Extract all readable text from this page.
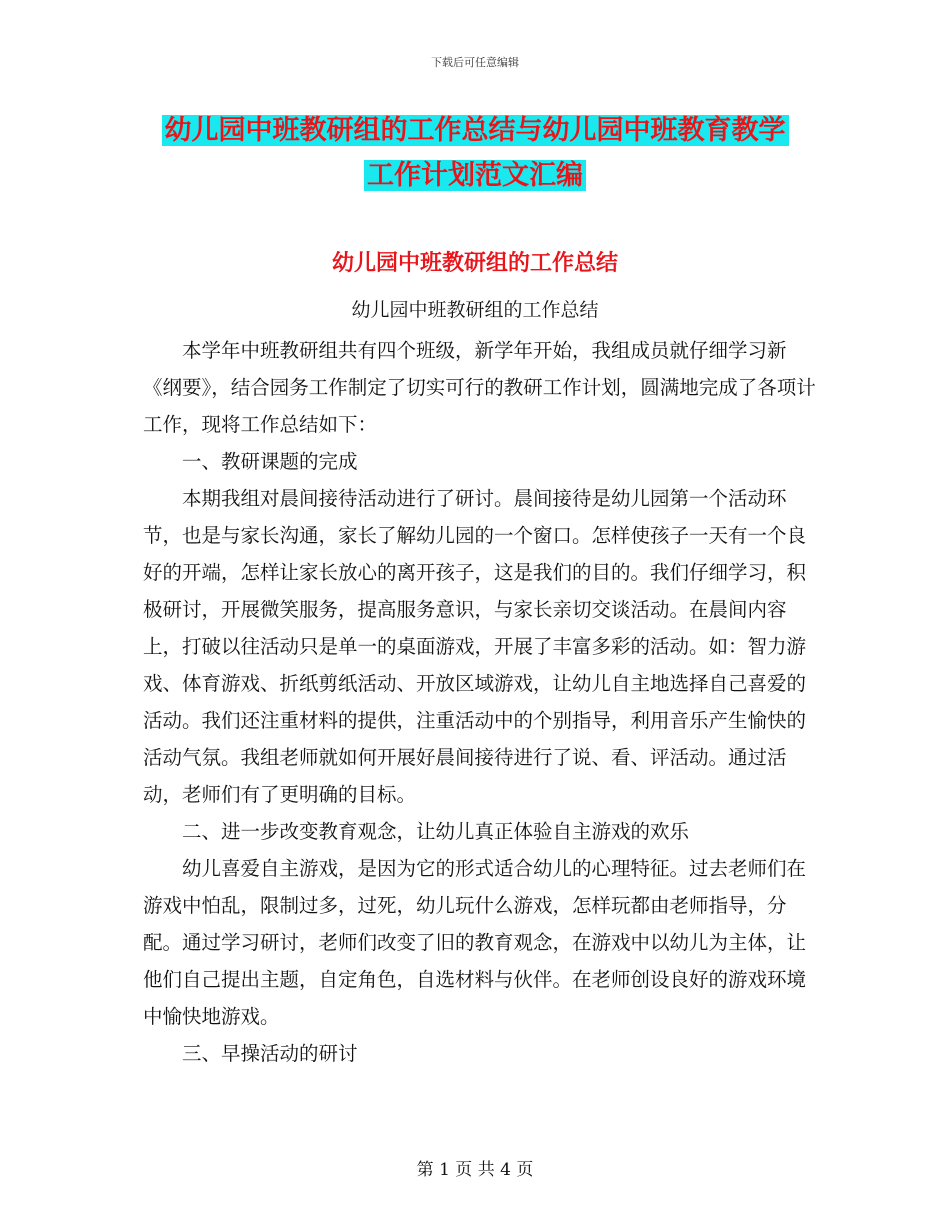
下载后可任意编辑
幼儿园中班教研组的工作总结与幼儿园中班教育教学
工作计划范文汇编
幼儿园中班教研组的工作总结
幼儿园中班教研组的工作总结

本学年中班教研组共有四个班级，新学年开始，我组成员就仔细学习新《纲要》，结合园务工作制定了切实可行的教研工作计划，圆满地完成了各项计工作，现将工作总结如下：

一、教研课题的完成

本期我组对晨间接待活动进行了研讨。晨间接待是幼儿园第一个活动环节，也是与家长沟通，家长了解幼儿园的一个窗口。怎样使孩子一天有一个良好的开端，怎样让家长放心的离开孩子，这是我们的目的。我们仔细学习，积极研讨，开展微笑服务，提高服务意识，与家长亲切交谈活动。在晨间内容上，打破以往活动只是单一的桌面游戏，开展了丰富多彩的活动。如：智力游戏、体育游戏、折纸剪纸活动、开放区域游戏，让幼儿自主地选择自己喜爱的活动。我们还注重材料的提供，注重活动中的个别指导，利用音乐产生愉快的活动气氛。我组老师就如何开展好晨间接待进行了说、看、评活动。通过活动，老师们有了更明确的目标。

二、进一步改变教育观念，让幼儿真正体验自主游戏的欢乐

幼儿喜爱自主游戏，是因为它的形式适合幼儿的心理特征。过去老师们在游戏中怕乱，限制过多，过死，幼儿玩什么游戏，怎样玩都由老师指导，分配。通过学习研讨，老师们改变了旧的教育观念，在游戏中以幼儿为主体，让他们自己提出主题，自定角色，自选材料与伙伴。在老师创设良好的游戏环境中愉快地游戏。

三、早操活动的研讨

第 1 页 共 4 页
